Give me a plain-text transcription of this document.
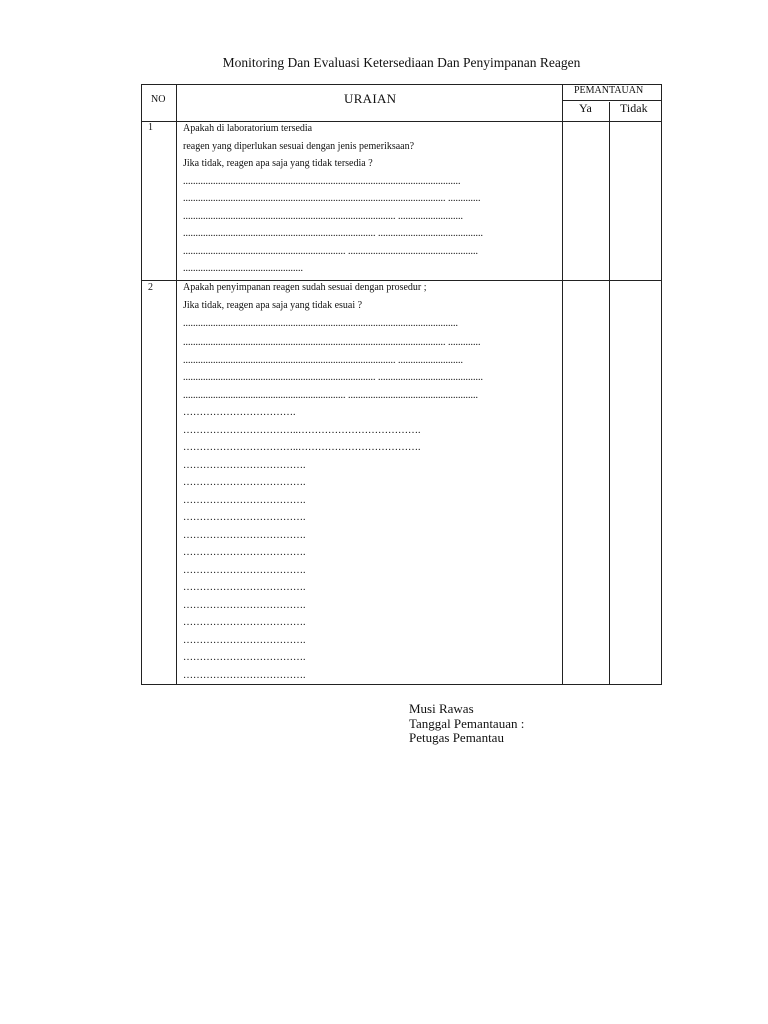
Monitoring Dan Evaluasi Ketersediaan Dan Penyimpanan Reagen
NO	URAIAN
PEMANTAUAN
Ya Tidak
1	Apakah di laboratorium tersedia
reagen yang diperlukan sesuai dengan jenis pemeriksaan?
Jika tidak, reagen apa saja yang tidak tersedia ?
...............................................................................................................
......................................................................................................... .............
..................................................................................... ..........................
............................................................................. ..........................................
................................................................. ....................................................
................................................
2	Apakah penyimpanan reagen sudah sesuai dengan prosedur ;
Jika tidak, reagen apa saja yang tidak esuai ?
..............................................................................................................
......................................................................................................... .............
..................................................................................... ..........................
............................................................................. ..........................................
................................................................. ....................................................
…………………………….
……………………………..……………………………….
……………………………..……………………………….
……………………………….
……………………………….
……………………………….
……………………………….
……………………………….
……………………………….
……………………………….
……………………………….
……………………………….
……………………………….
……………………………….
……………………………….
……………………………….
Musi Rawas
Tanggal Pemantauan :
Petugas Pemantau
